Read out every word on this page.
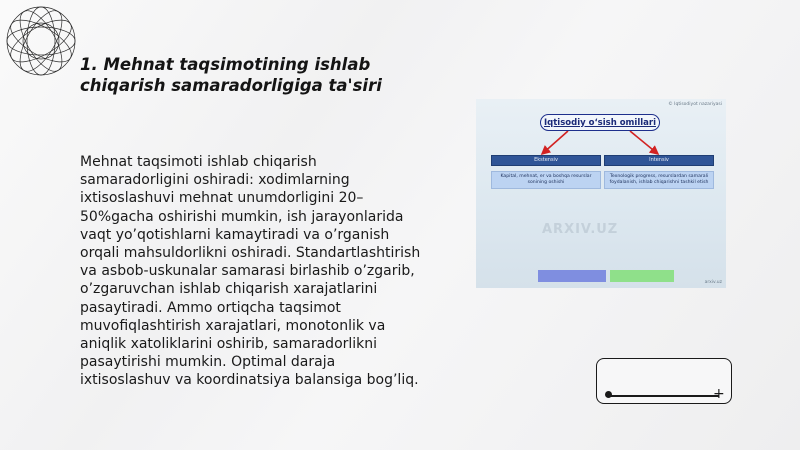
1. Mehnat taqsimotining ishlab
chiqarish samaradorligiga ta'siri

Mehnat taqsimoti ishlab chiqarish samaradorligini oshiradi: xodimlarning ixtisoslashuvi mehnat unumdorligini 20–50%gacha oshirishi mumkin, ish jarayonlarida vaqt yo’qotishlarni kamaytiradi va o’rganish orqali mahsuldorlikni oshiradi. Standartlashtirish va asbob-uskunalar samarasi birlashib o’zgarib, o’zgaruvchan ishlab chiqarish xarajatlarini pasaytiradi. Ammo ortiqcha taqsimot muvofiqlashtirish xarajatlari, monotonlik va aniqlik xatoliklarini oshirib, samaradorlikni pasaytirishi mumkin. Optimal daraja ixtisoslashuv va koordinatsiya balansiga bog’liq.

© Iqtisodiyot nazariyasi
Iqtisodiy o‘sish omillari
Ekstensiv	Intensiv
Kapital, mehnat, er va boshqa resurslar sonining oshishi
Texnologik progress, resurslardan samarali foydalanish, ishlab chiqarishni tashkil etish
ARXIV.UZ
arxiv.uz
+
